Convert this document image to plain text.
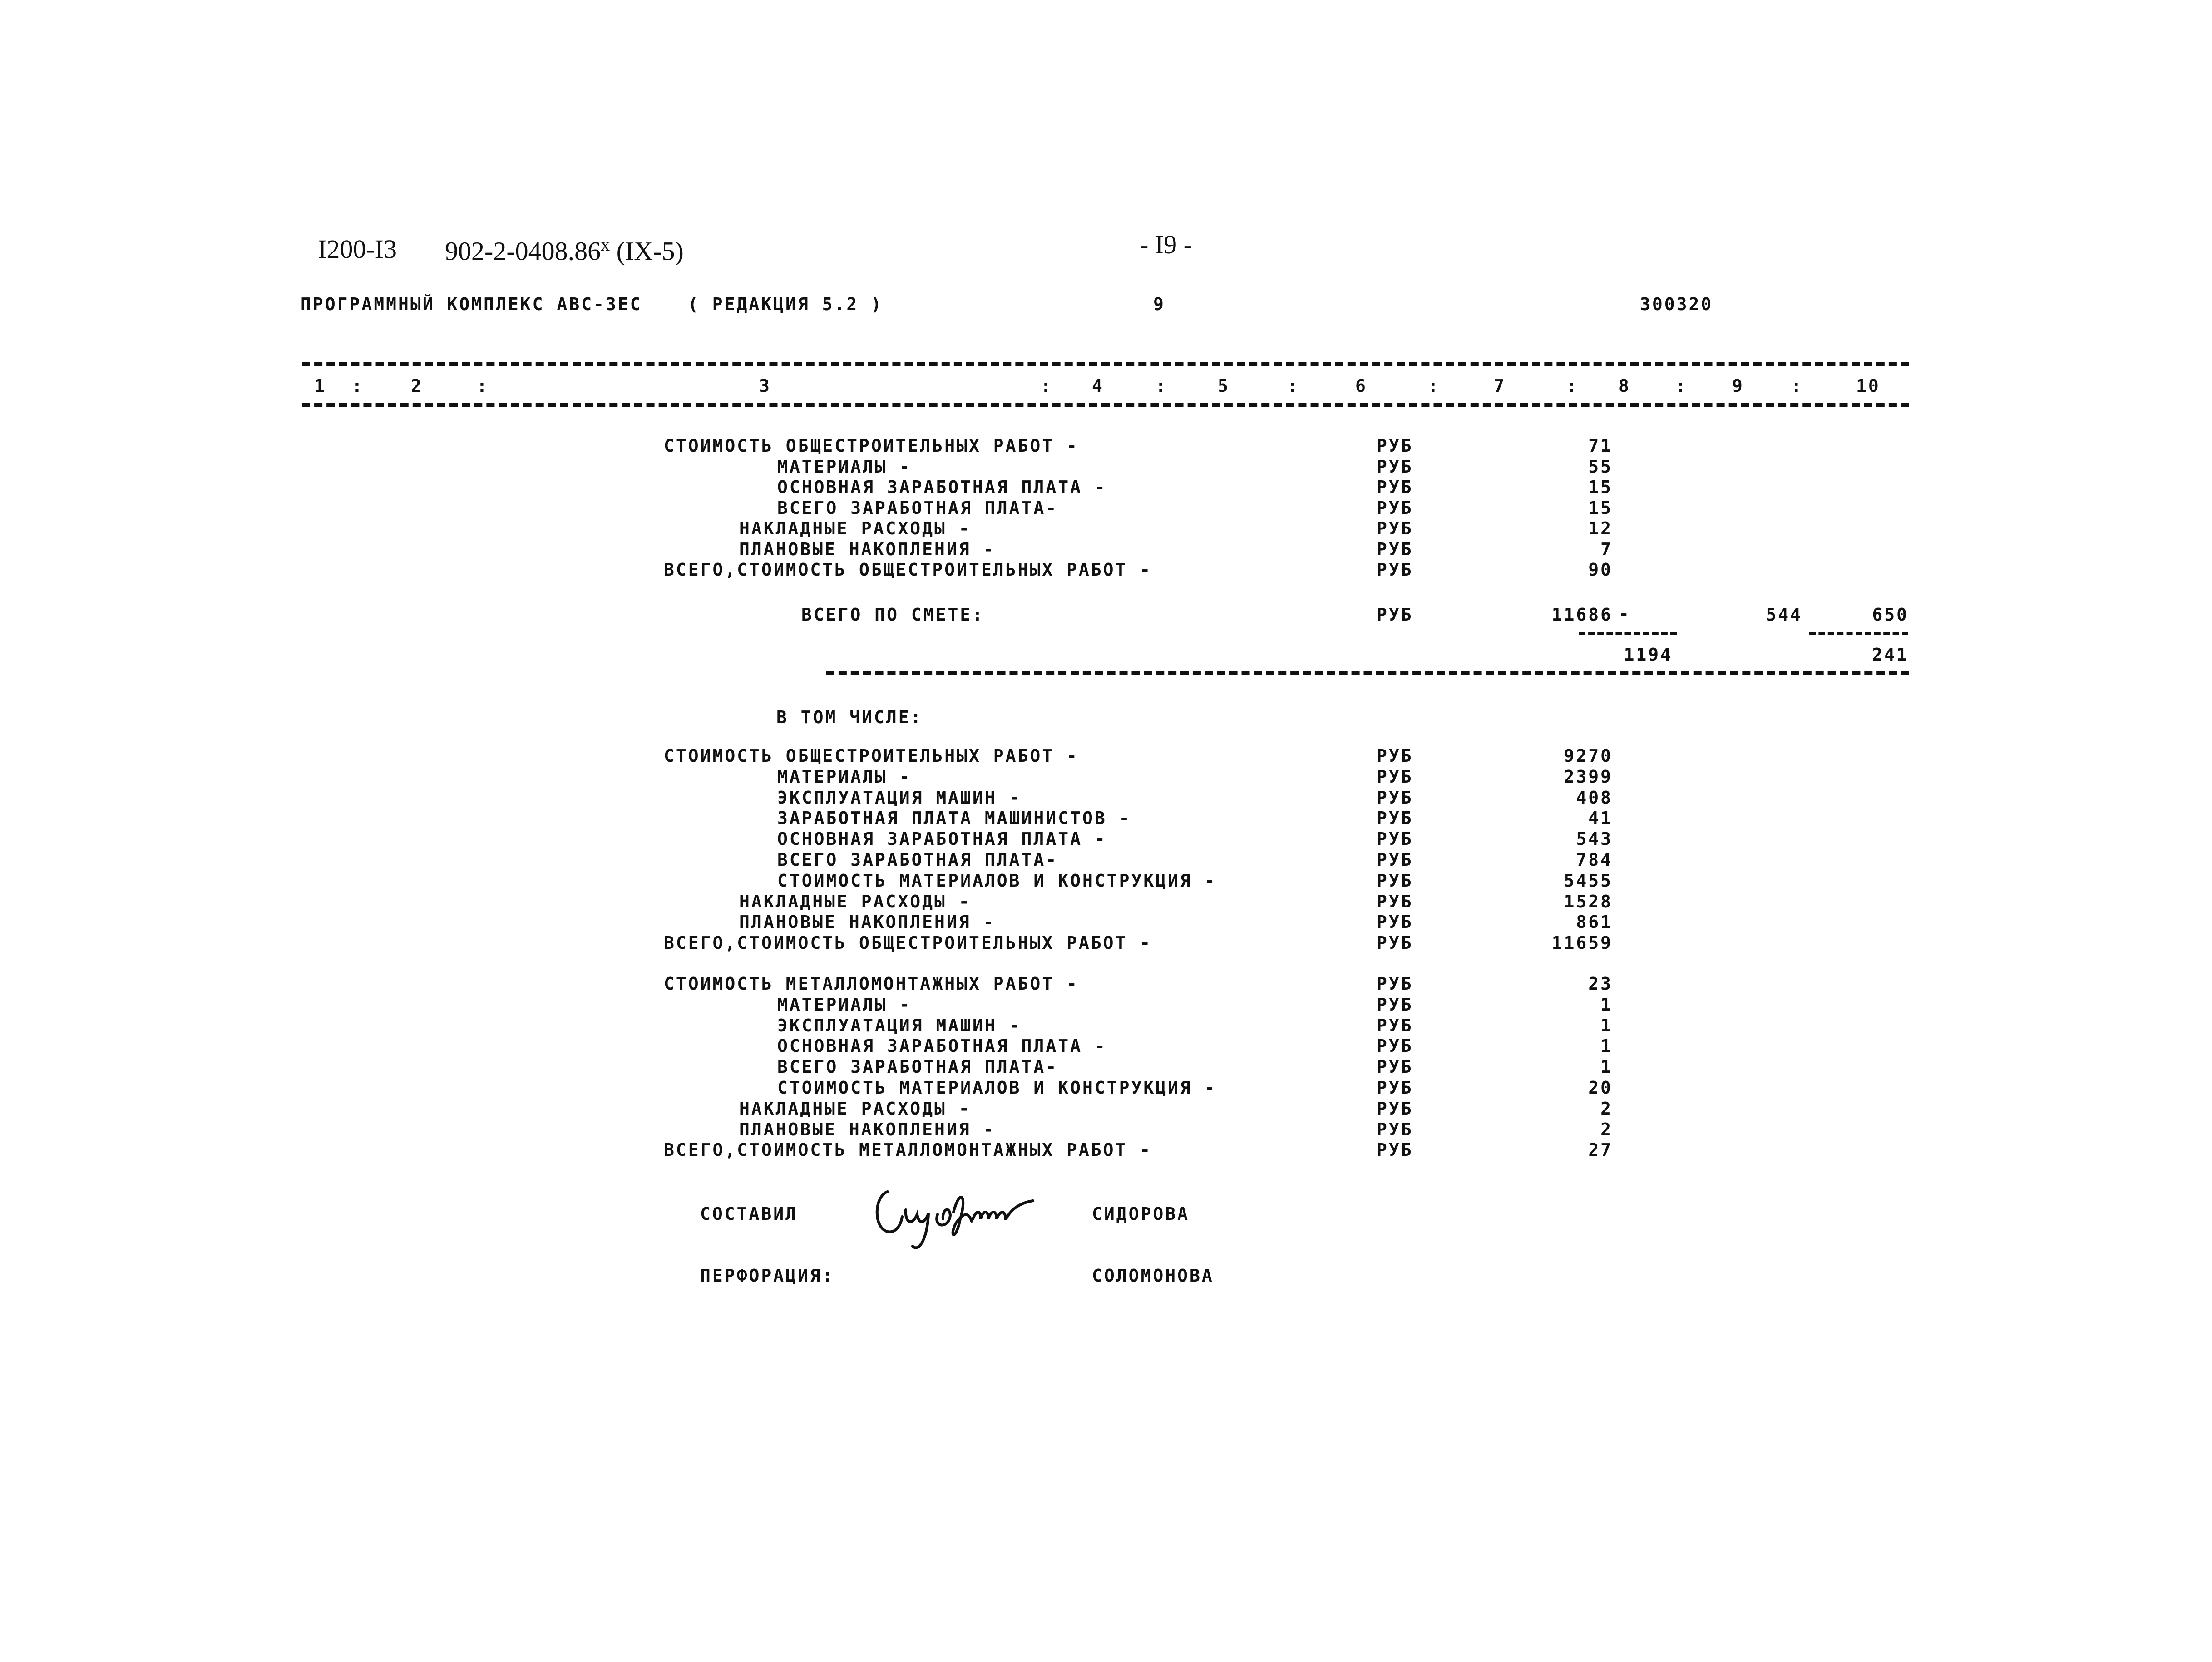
I200-I3 902-2-0408.86$^x$ (IX-5)	- I9 -
ПРОГРАММНЫЙ КОМПЛЕКС АВС-3ЕС	( РЕДАКЦИЯ 5.2 )	9	300320
1	2	3	4	5	6	7	8	9	10
:	:	:	:	:	:	:	:	:
СТОИМОСТЬ ОБЩЕСТРОИТЕЛЬНЫХ РАБОТ -	РУБ	71
МАТЕРИАЛЫ -	РУБ	55
ОСНОВНАЯ ЗАРАБОТНАЯ ПЛАТА -	РУБ	15
ВСЕГО ЗАРАБОТНАЯ ПЛАТА-	РУБ	15
НАКЛАДНЫЕ РАСХОДЫ -	РУБ	12
ПЛАНОВЫЕ НАКОПЛЕНИЯ -	РУБ	7
ВСЕГО,СТОИМОСТЬ ОБЩЕСТРОИТЕЛЬНЫХ РАБОТ -	РУБ	90
ВСЕГО ПО СМЕТЕ:	РУБ	11686 -	544	650
1194	241
В ТОМ ЧИСЛЕ:
СТОИМОСТЬ ОБЩЕСТРОИТЕЛЬНЫХ РАБОТ -	РУБ	9270
МАТЕРИАЛЫ -	РУБ	2399
ЭКСПЛУАТАЦИЯ МАШИН -	РУБ	408
ЗАРАБОТНАЯ ПЛАТА МАШИНИСТОВ -	РУБ	41
ОСНОВНАЯ ЗАРАБОТНАЯ ПЛАТА -	РУБ	543
ВСЕГО ЗАРАБОТНАЯ ПЛАТА-	РУБ	784
СТОИМОСТЬ МАТЕРИАЛОВ И КОНСТРУКЦИЯ -	РУБ	5455
НАКЛАДНЫЕ РАСХОДЫ -	РУБ	1528
ПЛАНОВЫЕ НАКОПЛЕНИЯ -	РУБ	861
ВСЕГО,СТОИМОСТЬ ОБЩЕСТРОИТЕЛЬНЫХ РАБОТ -	РУБ	11659
СТОИМОСТЬ МЕТАЛЛОМОНТАЖНЫХ РАБОТ -	РУБ	23
МАТЕРИАЛЫ -	РУБ	1
ЭКСПЛУАТАЦИЯ МАШИН -	РУБ	1
ОСНОВНАЯ ЗАРАБОТНАЯ ПЛАТА -	РУБ	1
ВСЕГО ЗАРАБОТНАЯ ПЛАТА-	РУБ	1
СТОИМОСТЬ МАТЕРИАЛОВ И КОНСТРУКЦИЯ -	РУБ	20
НАКЛАДНЫЕ РАСХОДЫ -	РУБ	2
ПЛАНОВЫЕ НАКОПЛЕНИЯ -	РУБ	2
ВСЕГО,СТОИМОСТЬ МЕТАЛЛОМОНТАЖНЫХ РАБОТ -	РУБ	27
СОСТАВИЛ	СИДОРОВА
ПЕРФОРАЦИЯ:	СОЛОМОНОВА
